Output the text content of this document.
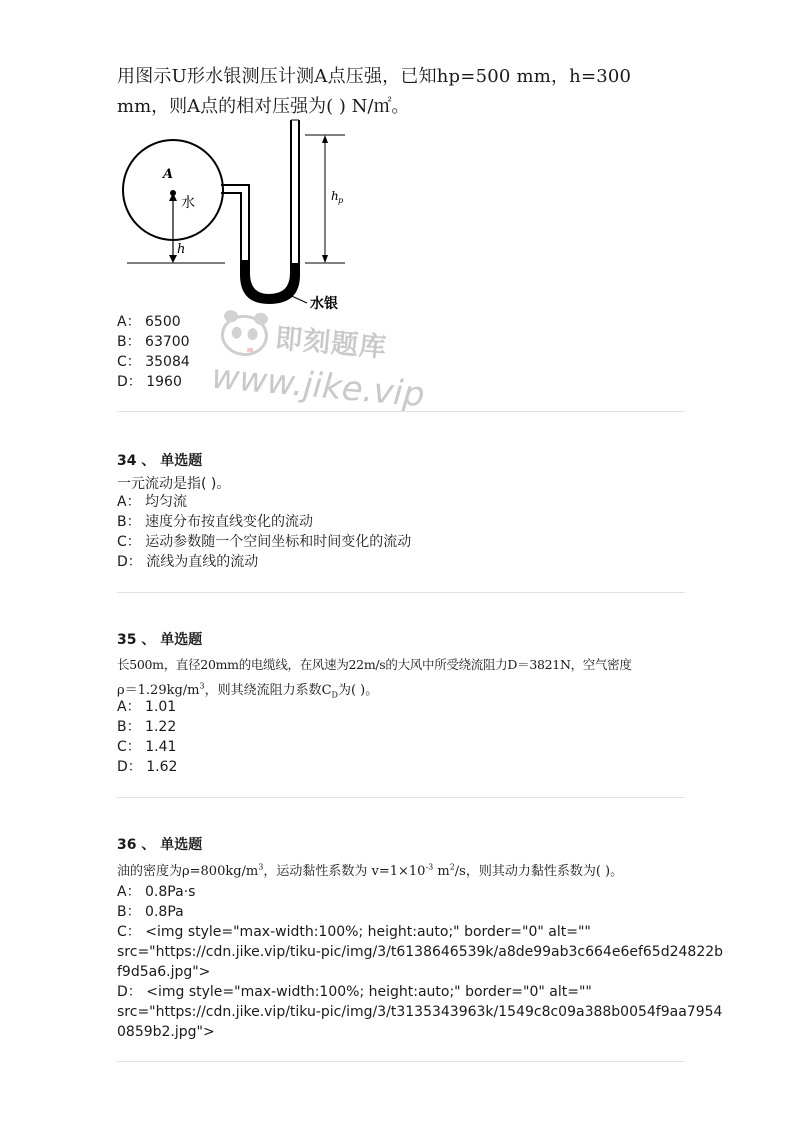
用图示U形水银测压计测A点压强，已知hp=500 mm，h=300
mm，则A点的相对压强为( ) N/㎡。
A
水
h
h p
水银
A： 6500
B： 63700
C： 35084
D： 1960
即刻题库
www.jike.vip
34 、 单选题
一元流动是指( )。
A： 均匀流
B： 速度分布按直线变化的流动
C： 运动参数随一个空间坐标和时间变化的流动
D： 流线为直线的流动
35 、 单选题
长500m，直径20mm的电缆线，在风速为22m/s的大风中所受绕流阻力D＝3821N，空气密度
$\rho=1.29kg/m^3$，则其绕流阻力系数$C_D$为( )。
A： 1.01
B： 1.22
C： 1.41
D： 1.62
36 、 单选题
油的密度为$\rho=800kg/m^3$，运动黏性系数为 $v=1\times 10^{-3}$ $m^2/s$，则其动力黏性系数为( )。
A： 0.8Pa·s
B： 0.8Pa
C： <img style="max-width:100%; height:auto;" border="0" alt=""
src="https://cdn.jike.vip/tiku-pic/img/3/t6138646539k/a8de99ab3c664e6ef65d24822b
f9d5a6.jpg">
D： <img style="max-width:100%; height:auto;" border="0" alt=""
src="https://cdn.jike.vip/tiku-pic/img/3/t3135343963k/1549c8c09a388b0054f9aa7954
0859b2.jpg">
